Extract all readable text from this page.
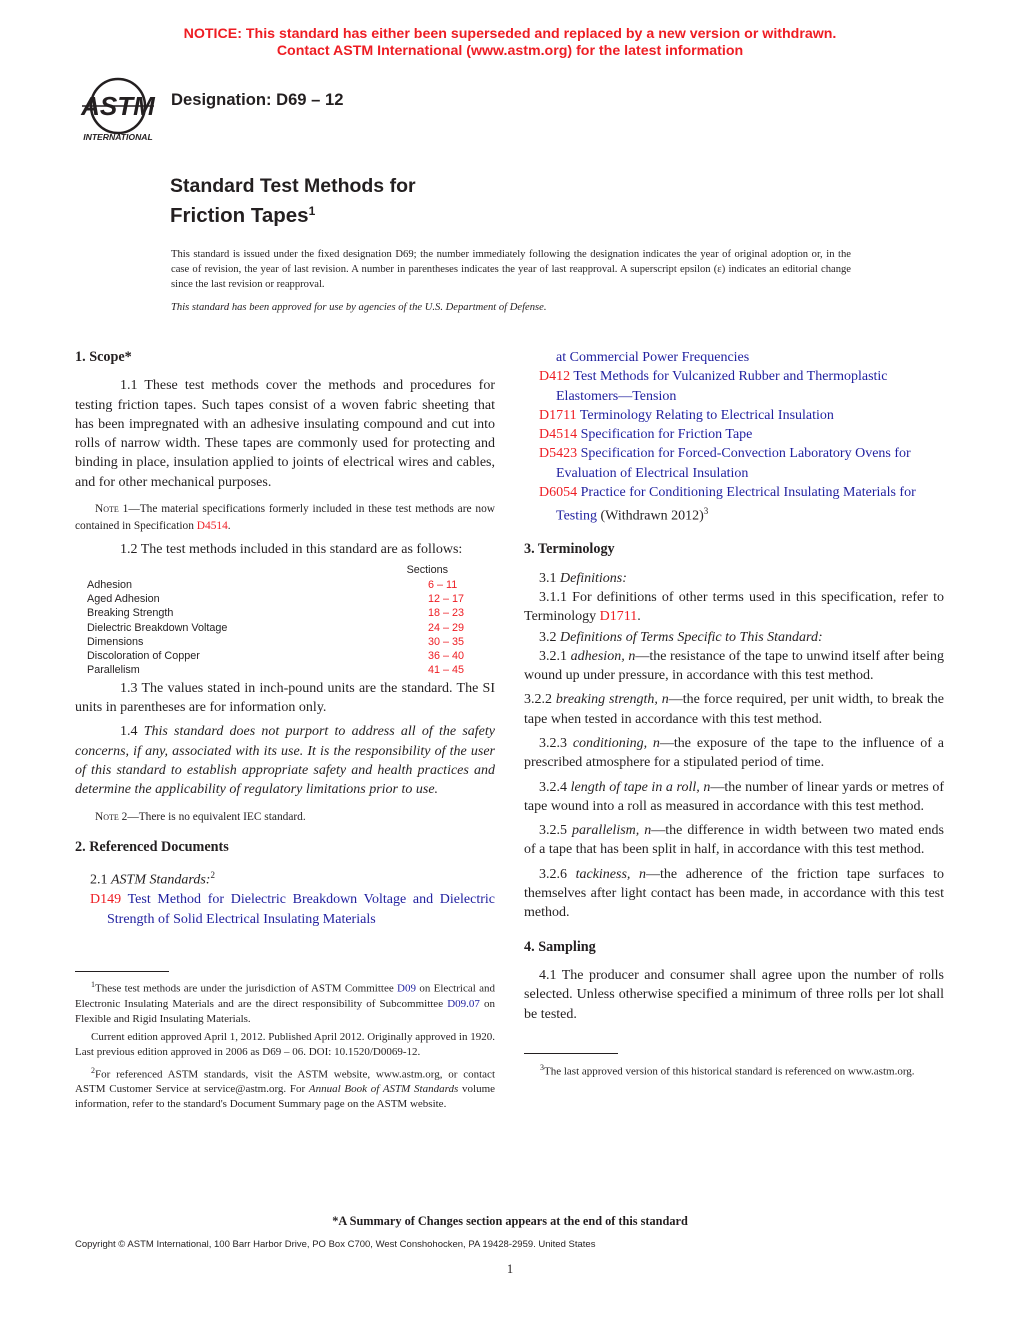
NOTICE: This standard has either been superseded and replaced by a new version or withdrawn.
Contact ASTM International (www.astm.org) for the latest information
ASTM
INTERNATIONAL
Designation: D69 – 12
Standard Test Methods for
Friction Tapes$^1$
This standard is issued under the fixed designation D69; the number immediately following the designation indicates the year of original adoption or, in the case of revision, the year of last revision. A number in parentheses indicates the year of last reapproval. A superscript epsilon (ε) indicates an editorial change since the last revision or reapproval.
This standard has been approved for use by agencies of the U.S. Department of Defense.
1. Scope*

1.1 These test methods cover the methods and procedures for testing friction tapes. Such tapes consist of a woven fabric sheeting that has been impregnated with an adhesive insulating compound and cut into rolls of narrow width. These tapes are commonly used for protecting and binding in place, insulation applied to joints of electrical wires and cables, and for other mechanical purposes.

Note 1—The material specifications formerly included in these test methods are now contained in Specification D4514.

1.2 The test methods included in this standard are as follows:

Sections
Adhesion	6 – 11
Aged Adhesion	12 – 17
Breaking Strength	18 – 23
Dielectric Breakdown Voltage	24 – 29
Dimensions	30 – 35
Discoloration of Copper	36 – 40
Parallelism	41 – 45

1.3 The values stated in inch-pound units are the standard. The SI units in parentheses are for information only.

1.4 This standard does not purport to address all of the safety concerns, if any, associated with its use. It is the responsibility of the user of this standard to establish appropriate safety and health practices and determine the applicability of regulatory limitations prior to use.

Note 2—There is no equivalent IEC standard.

2. Referenced Documents

2.1 ASTM Standards:$^2$

D149 Test Method for Dielectric Breakdown Voltage and Dielectric Strength of Solid Electrical Insulating Materials

$^1$These test methods are under the jurisdiction of ASTM Committee D09 on Electrical and Electronic Insulating Materials and are the direct responsibility of Subcommittee D09.07 on Flexible and Rigid Insulating Materials.

Current edition approved April 1, 2012. Published April 2012. Originally approved in 1920. Last previous edition approved in 2006 as D69 – 06. DOI: 10.1520/D0069-12.

$^2$For referenced ASTM standards, visit the ASTM website, www.astm.org, or contact ASTM Customer Service at service@astm.org. For Annual Book of ASTM Standards volume information, refer to the standard's Document Summary page on the ASTM website.

at Commercial Power Frequencies

D412 Test Methods for Vulcanized Rubber and Thermoplastic Elastomers—Tension

D1711 Terminology Relating to Electrical Insulation

D4514 Specification for Friction Tape

D5423 Specification for Forced-Convection Laboratory Ovens for Evaluation of Electrical Insulation

D6054 Practice for Conditioning Electrical Insulating Materials for Testing (Withdrawn 2012)$^3$

3. Terminology

3.1 Definitions:

3.1.1 For definitions of other terms used in this specification, refer to Terminology D1711.

3.2 Definitions of Terms Specific to This Standard:

3.2.1 adhesion, n—the resistance of the tape to unwind itself after being wound up under pressure, in accordance with this test method.

3.2.2 breaking strength, n—the force required, per unit width, to break the tape when tested in accordance with this test method.

3.2.3 conditioning, n—the exposure of the tape to the influence of a prescribed atmosphere for a stipulated period of time.

3.2.4 length of tape in a roll, n—the number of linear yards or metres of tape wound into a roll as measured in accordance with this test method.

3.2.5 parallelism, n—the difference in width between two mated ends of a tape that has been split in half, in accordance with this test method.

3.2.6 tackiness, n—the adherence of the friction tape surfaces to themselves after light contact has been made, in accordance with this test method.

4. Sampling

4.1 The producer and consumer shall agree upon the number of rolls selected. Unless otherwise specified a minimum of three rolls per lot shall be tested.

$^3$The last approved version of this historical standard is referenced on www.astm.org.

*A Summary of Changes section appears at the end of this standard
Copyright © ASTM International, 100 Barr Harbor Drive, PO Box C700, West Conshohocken, PA 19428-2959. United States
1
